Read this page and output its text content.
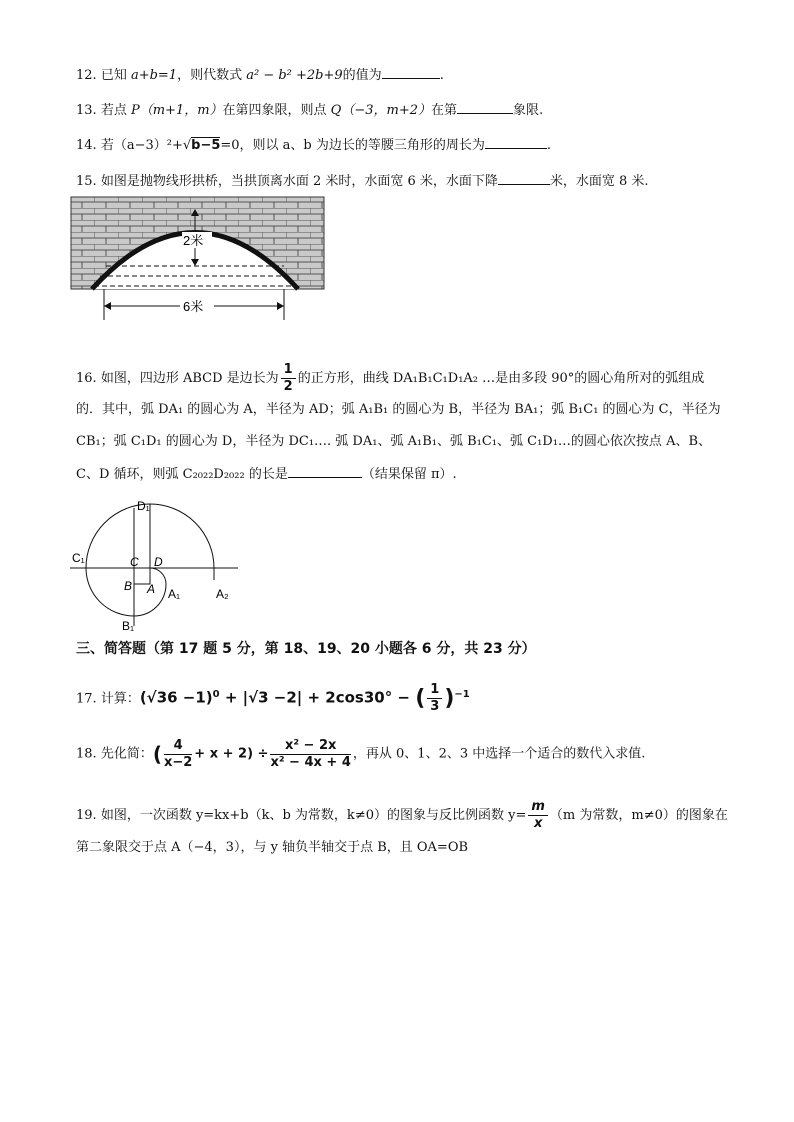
12. 已知 a+b=1，则代数式 a² − b² +2b+9的值为	.
13. 若点 P（m+1，m）在第四象限，则点 Q（−3，m+2）在第	象限.
14. 若（a−3）²+√b−5=0，则以 a、b 为边长的等腰三角形的周长为	.
15. 如图是抛物线形拱桥，当拱顶离水面 2 米时，水面宽 6 米，水面下降	米，水面宽 8 米.
2米
6米
16. 如图，四边形 ABCD 是边长为 $\frac{1}{2}$ 的正方形，曲线 DA₁B₁C₁D₁A₂ …是由多段 90°的圆心角所对的弧组成
的．其中，弧 DA₁ 的圆心为 A，半径为 AD；弧 A₁B₁ 的圆心为 B，半径为 BA₁；弧 B₁C₁ 的圆心为 C，半径为
CB₁；弧 C₁D₁ 的圆心为 D，半径为 DC₁…. 弧 DA₁、弧 A₁B₁、弧 B₁C₁、弧 C₁D₁…的圆心依次按点 A、B、
C、D 循环，则弧 C₂₀₂₂D₂₀₂₂ 的长是	（结果保留 π）.
D₁
C₁	C D
B A A₁	A₂
B₁
三、简答题（第 17 题 5 分，第 18、19、20 小题各 6 分，共 23 分）
17. 计算：$(√36 -1)^0 + |√3 -2| + 2\cos 30^\circ$ − ( $\frac{1}{3} )^{-1}$
18. 先化简：( $\frac{4}{x-2} + x + 2) \div \frac{\text{x² − 2x}}{\text{x² − 4x + 4}}$ ，再从 0、1、2、3 中选择一个适合的数代入求值.
19. 如图，一次函数 y=kx+b（k、b 为常数，k≠0）的图象与反比例函数 $y= \frac{m}{x} (m$ 为常数，m≠0）的图象在
第二象限交于点 A（−4，3），与 y 轴负半轴交于点 B，且 OA=OB
